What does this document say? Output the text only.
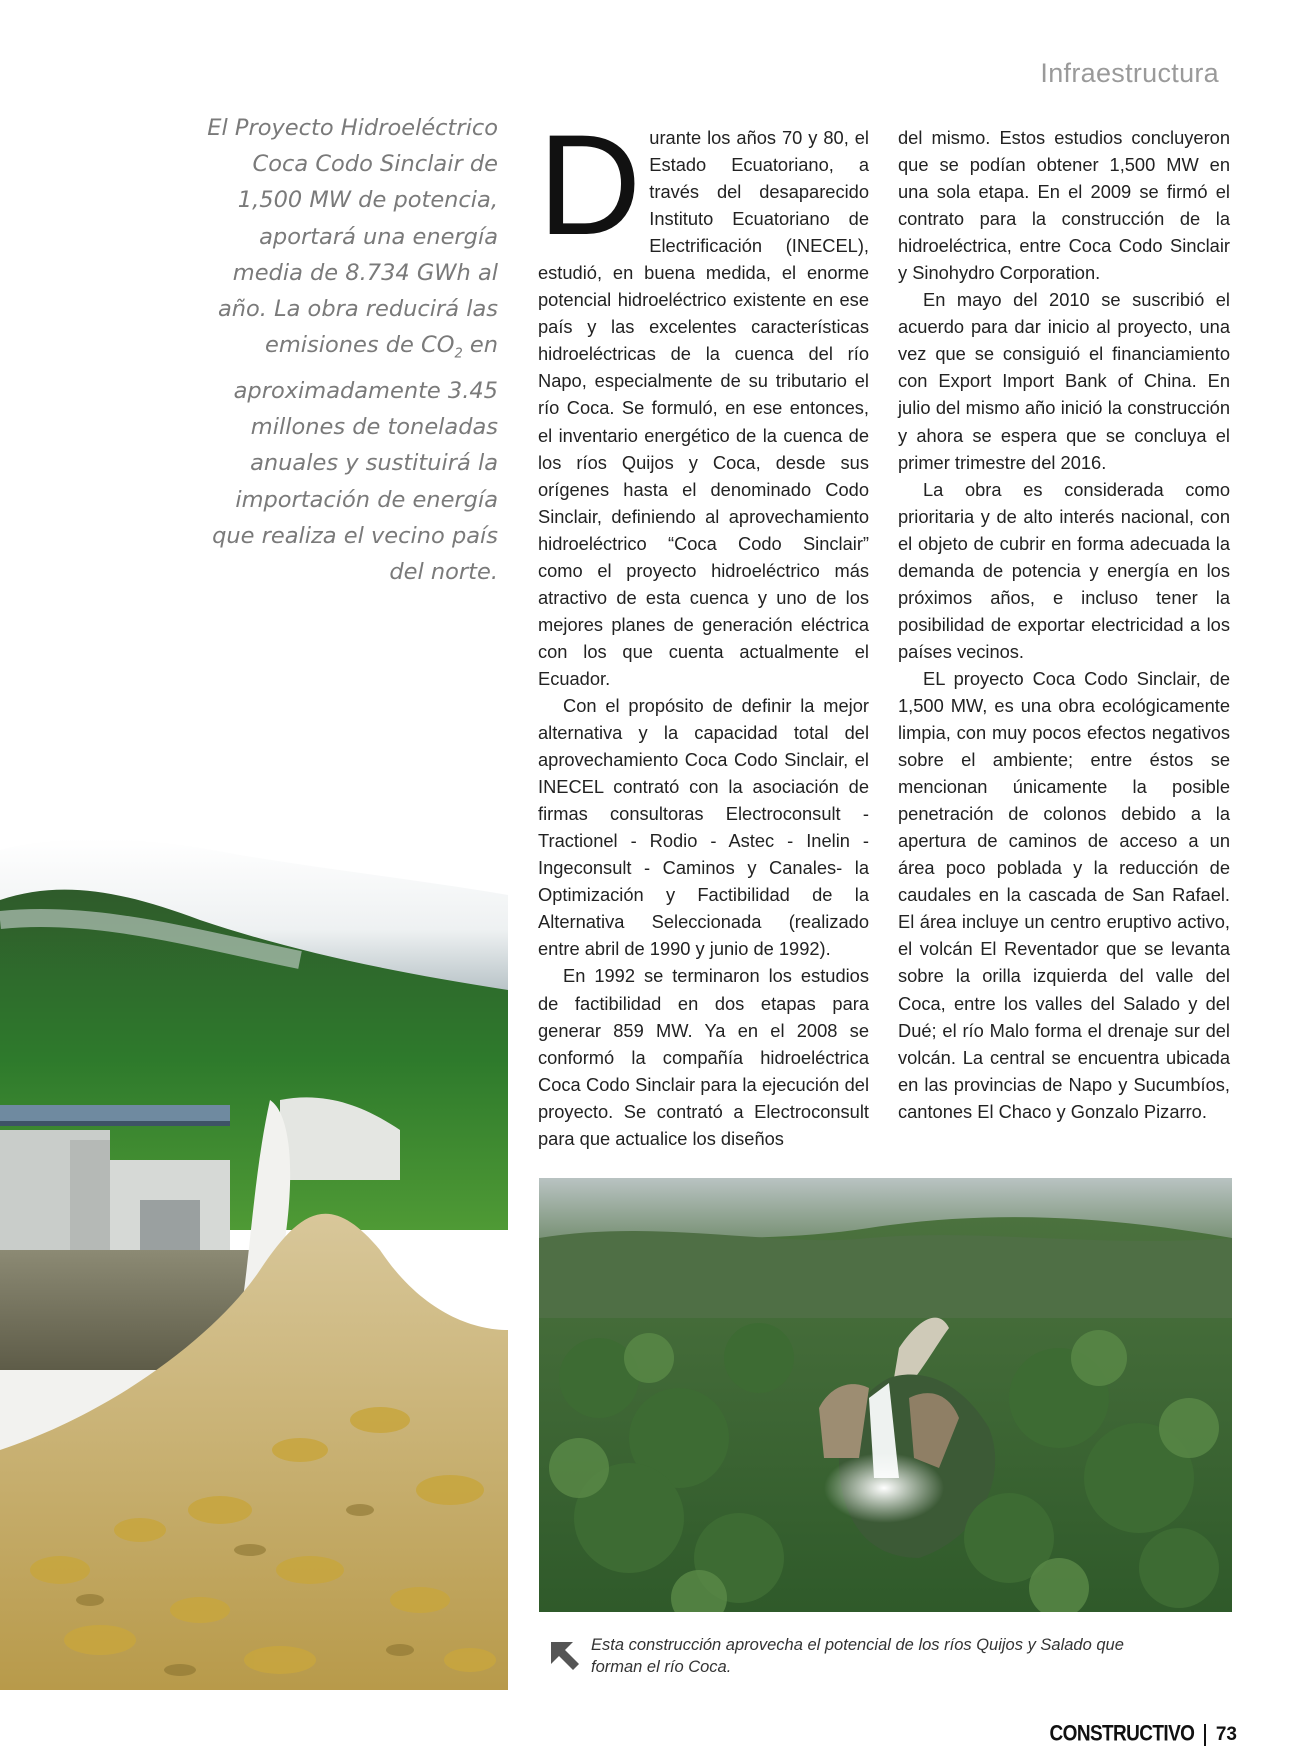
Infraestructura
El Proyecto Hidroeléctrico Coca Codo Sinclair de 1,500 MW de potencia, aportará una energía media de 8.734 GWh al año. La obra reducirá las emisiones de $CO_2$ en aproximadamente 3.45 millones de toneladas anuales y sustituirá la importación de energía que realiza el vecino país del norte.
D urante los años 70 y 80, el Estado Ecuatoriano, a través del desaparecido Instituto Ecuatoriano de Electrificación (INECEL), estudió, en buena medida, el enorme potencial hidroeléctrico existente en ese país y las excelentes características hidroeléctricas de la cuenca del río Napo, especialmente de su tributario el río Coca. Se formuló, en ese entonces, el inventario energético de la cuenca de los ríos Quijos y Coca, desde sus orígenes hasta el denominado Codo Sinclair, definiendo al aprovechamiento hidroeléctrico “Coca Codo Sinclair” como el proyecto hidroeléctrico más atractivo de esta cuenca y uno de los mejores planes de generación eléctrica con los que cuenta actualmente el Ecuador.

Con el propósito de definir la mejor alternativa y la capacidad total del aprovechamiento Coca Codo Sinclair, el INECEL contrató con la asociación de firmas consultoras Electroconsult - Tractionel - Rodio - Astec - Inelin - Ingeconsult - Caminos y Canales- la Optimización y Factibilidad de la Alternativa Seleccionada (realizado entre abril de 1990 y junio de 1992).

En 1992 se terminaron los estudios de factibilidad en dos etapas para generar 859 MW. Ya en el 2008 se conformó la compañía hidroeléctrica Coca Codo Sinclair para la ejecución del proyecto. Se contrató a Electroconsult para que actualice los diseños

del mismo. Estos estudios concluyeron que se podían obtener 1,500 MW en una sola etapa. En el 2009 se firmó el contrato para la construcción de la hidroeléctrica, entre Coca Codo Sinclair y Sinohydro Corporation.

En mayo del 2010 se suscribió el acuerdo para dar inicio al proyecto, una vez que se consiguió el financiamiento con Export Import Bank of China. En julio del mismo año inició la construcción y ahora se espera que se concluya el primer trimestre del 2016.

La obra es considerada como prioritaria y de alto interés nacional, con el objeto de cubrir en forma adecuada la demanda de potencia y energía en los próximos años, e incluso tener la posibilidad de exportar electricidad a los países vecinos.

EL proyecto Coca Codo Sinclair, de 1,500 MW, es una obra ecológicamente limpia, con muy pocos efectos negativos sobre el ambiente; entre éstos se mencionan únicamente la posible penetración de colonos debido a la apertura de caminos de acceso a un área poco poblada y la reducción de caudales en la cascada de San Rafael. El área incluye un centro eruptivo activo, el volcán El Reventador que se levanta sobre la orilla izquierda del valle del Coca, entre los valles del Salado y del Dué; el río Malo forma el drenaje sur del volcán. La central se encuentra ubicada en las provincias de Napo y Sucumbíos, cantones El Chaco y Gonzalo Pizarro.

Esta construcción aprovecha el potencial de los ríos Quijos y Salado que forman el río Coca.
CONSTRUCTIVO 73
